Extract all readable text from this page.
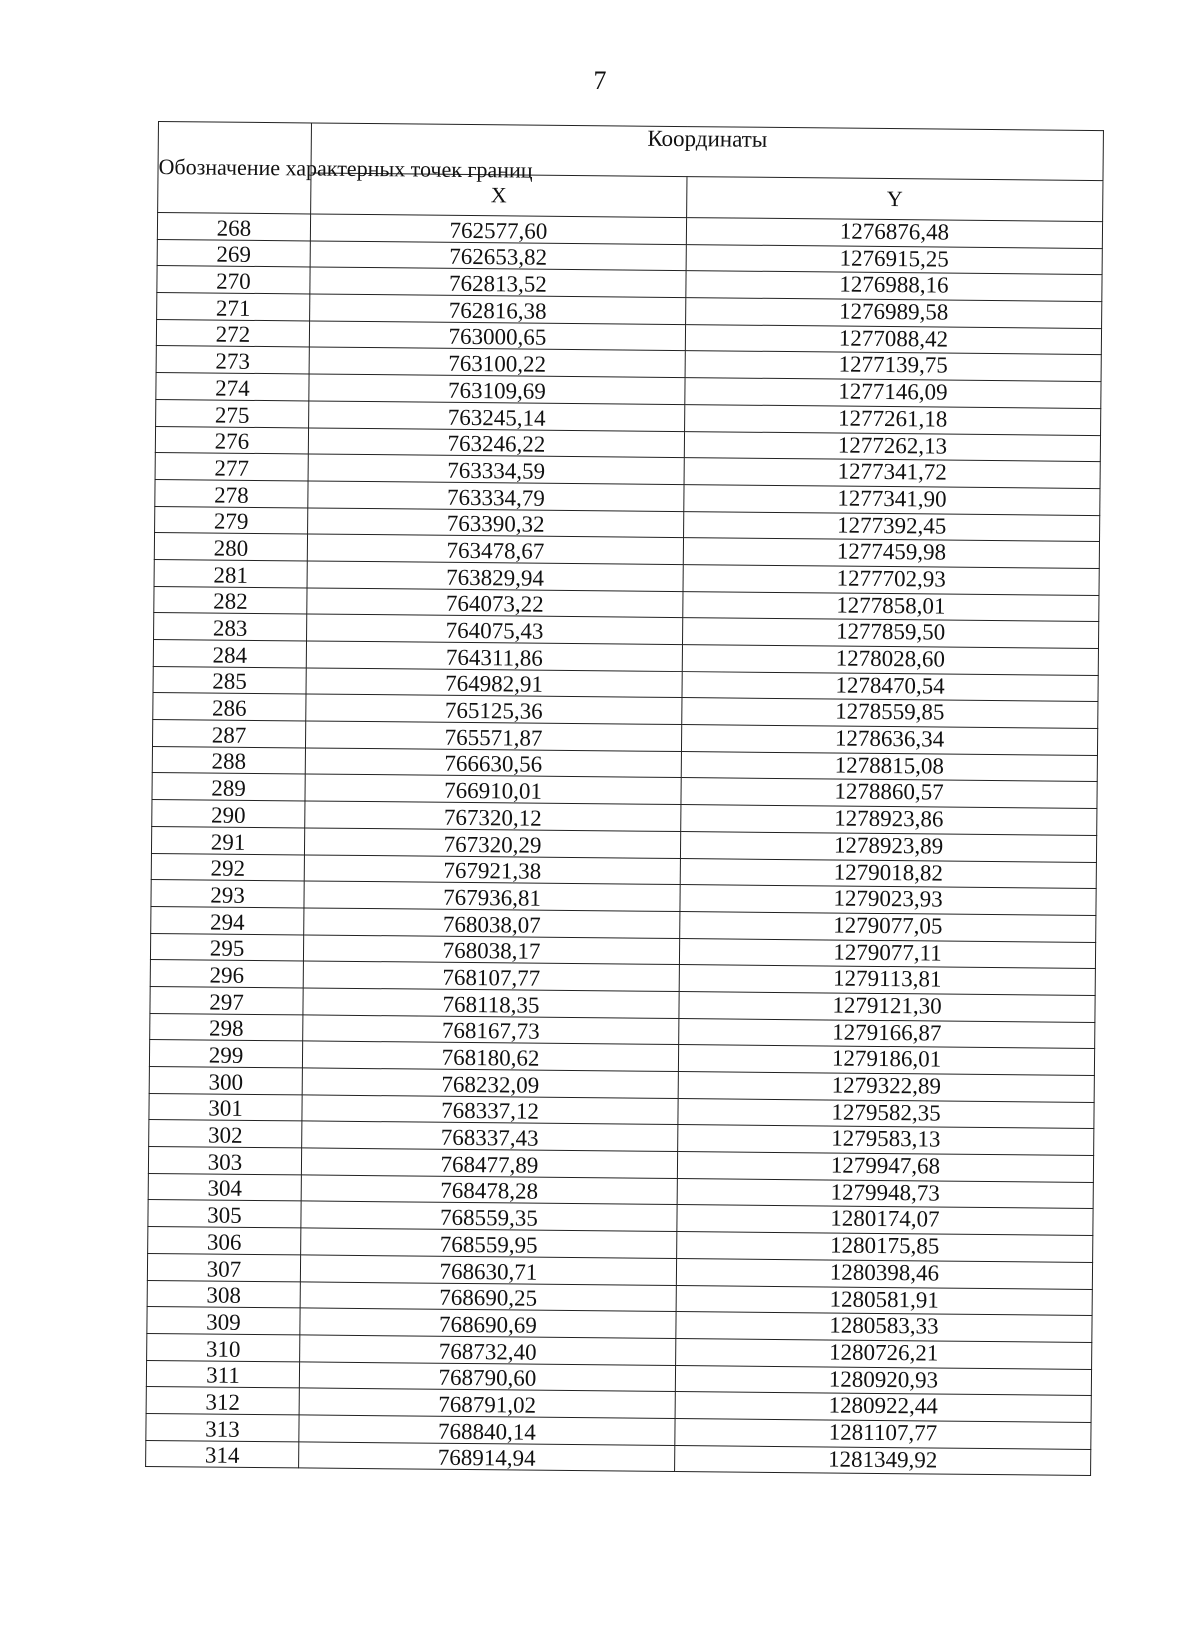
7
Обозначение характерных точек границ	Координаты	
	X	Y
268	762577,60	1276876,48
269	762653,82	1276915,25
270	762813,52	1276988,16
271	762816,38	1276989,58
272	763000,65	1277088,42
273	763100,22	1277139,75
274	763109,69	1277146,09
275	763245,14	1277261,18
276	763246,22	1277262,13
277	763334,59	1277341,72
278	763334,79	1277341,90
279	763390,32	1277392,45
280	763478,67	1277459,98
281	763829,94	1277702,93
282	764073,22	1277858,01
283	764075,43	1277859,50
284	764311,86	1278028,60
285	764982,91	1278470,54
286	765125,36	1278559,85
287	765571,87	1278636,34
288	766630,56	1278815,08
289	766910,01	1278860,57
290	767320,12	1278923,86
291	767320,29	1278923,89
292	767921,38	1279018,82
293	767936,81	1279023,93
294	768038,07	1279077,05
295	768038,17	1279077,11
296	768107,77	1279113,81
297	768118,35	1279121,30
298	768167,73	1279166,87
299	768180,62	1279186,01
300	768232,09	1279322,89
301	768337,12	1279582,35
302	768337,43	1279583,13
303	768477,89	1279947,68
304	768478,28	1279948,73
305	768559,35	1280174,07
306	768559,95	1280175,85
307	768630,71	1280398,46
308	768690,25	1280581,91
309	768690,69	1280583,33
310	768732,40	1280726,21
311	768790,60	1280920,93
312	768791,02	1280922,44
313	768840,14	1281107,77
314	768914,94	1281349,92
